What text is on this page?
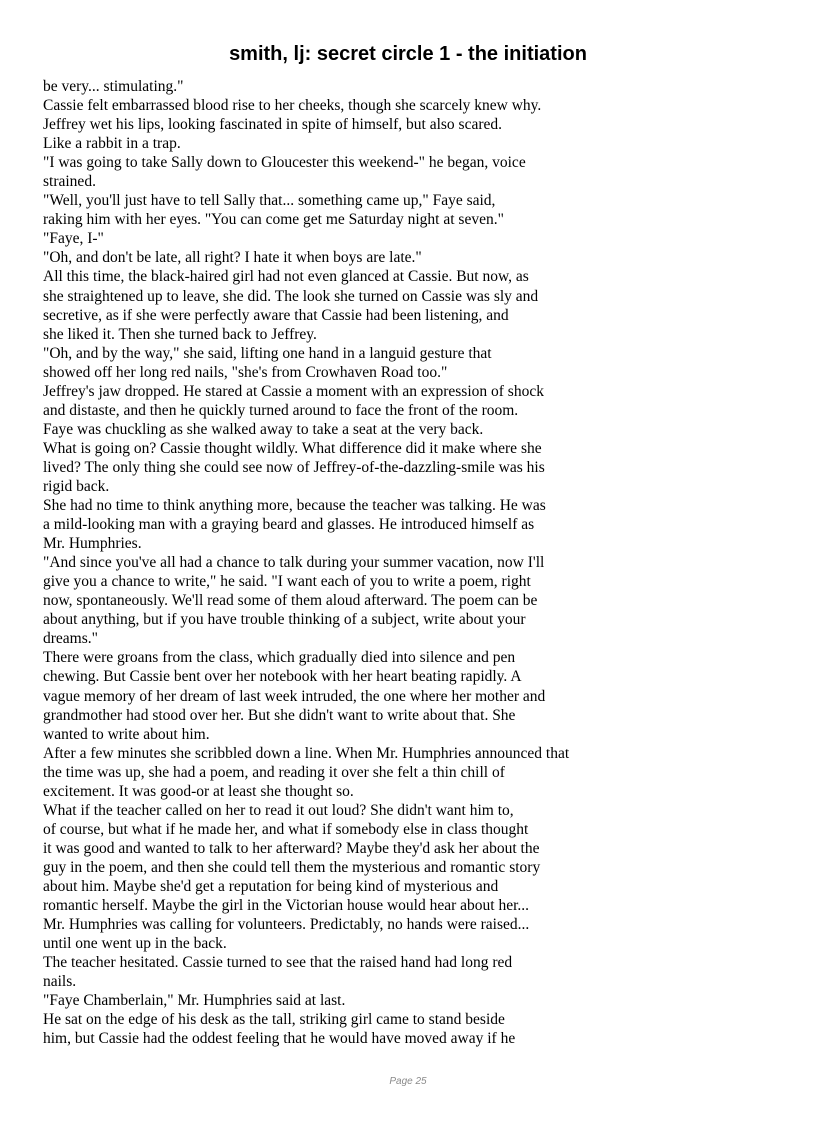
smith, lj: secret circle 1 - the initiation
be very... stimulating."
Cassie felt embarrassed blood rise to her cheeks, though she scarcely knew why.
Jeffrey wet his lips, looking fascinated in spite of himself, but also scared.
Like a rabbit in a trap.
"I was going to take Sally down to Gloucester this weekend-" he began, voice
strained.
"Well, you'll just have to tell Sally that... something came up," Faye said,
raking him with her eyes. "You can come get me Saturday night at seven."
"Faye, I-"
"Oh, and don't be late, all right? I hate it when boys are late."
All this time, the black-haired girl had not even glanced at Cassie. But now, as
she straightened up to leave, she did. The look she turned on Cassie was sly and
secretive, as if she were perfectly aware that Cassie had been listening, and
she liked it. Then she turned back to Jeffrey.
"Oh, and by the way," she said, lifting one hand in a languid gesture that
showed off her long red nails, "she's from Crowhaven Road too."
Jeffrey's jaw dropped. He stared at Cassie a moment with an expression of shock
and distaste, and then he quickly turned around to face the front of the room.
Faye was chuckling as she walked away to take a seat at the very back.
What is going on? Cassie thought wildly. What difference did it make where she
lived? The only thing she could see now of Jeffrey-of-the-dazzling-smile was his
rigid back.
She had no time to think anything more, because the teacher was talking. He was
a mild-looking man with a graying beard and glasses. He introduced himself as
Mr. Humphries.
"And since you've all had a chance to talk during your summer vacation, now I'll
give you a chance to write," he said. "I want each of you to write a poem, right
now, spontaneously. We'll read some of them aloud afterward. The poem can be
about anything, but if you have trouble thinking of a subject, write about your
dreams."
There were groans from the class, which gradually died into silence and pen
chewing. But Cassie bent over her notebook with her heart beating rapidly. A
vague memory of her dream of last week intruded, the one where her mother and
grandmother had stood over her. But she didn't want to write about that. She
wanted to write about him.
After a few minutes she scribbled down a line. When Mr. Humphries announced that
the time was up, she had a poem, and reading it over she felt a thin chill of
excitement. It was good-or at least she thought so.
What if the teacher called on her to read it out loud? She didn't want him to,
of course, but what if he made her, and what if somebody else in class thought
it was good and wanted to talk to her afterward? Maybe they'd ask her about the
guy in the poem, and then she could tell them the mysterious and romantic story
about him. Maybe she'd get a reputation for being kind of mysterious and
romantic herself. Maybe the girl in the Victorian house would hear about her...
Mr. Humphries was calling for volunteers. Predictably, no hands were raised...
until one went up in the back.
The teacher hesitated. Cassie turned to see that the raised hand had long red
nails.
"Faye Chamberlain," Mr. Humphries said at last.
He sat on the edge of his desk as the tall, striking girl came to stand beside
him, but Cassie had the oddest feeling that he would have moved away if he
Page 25
